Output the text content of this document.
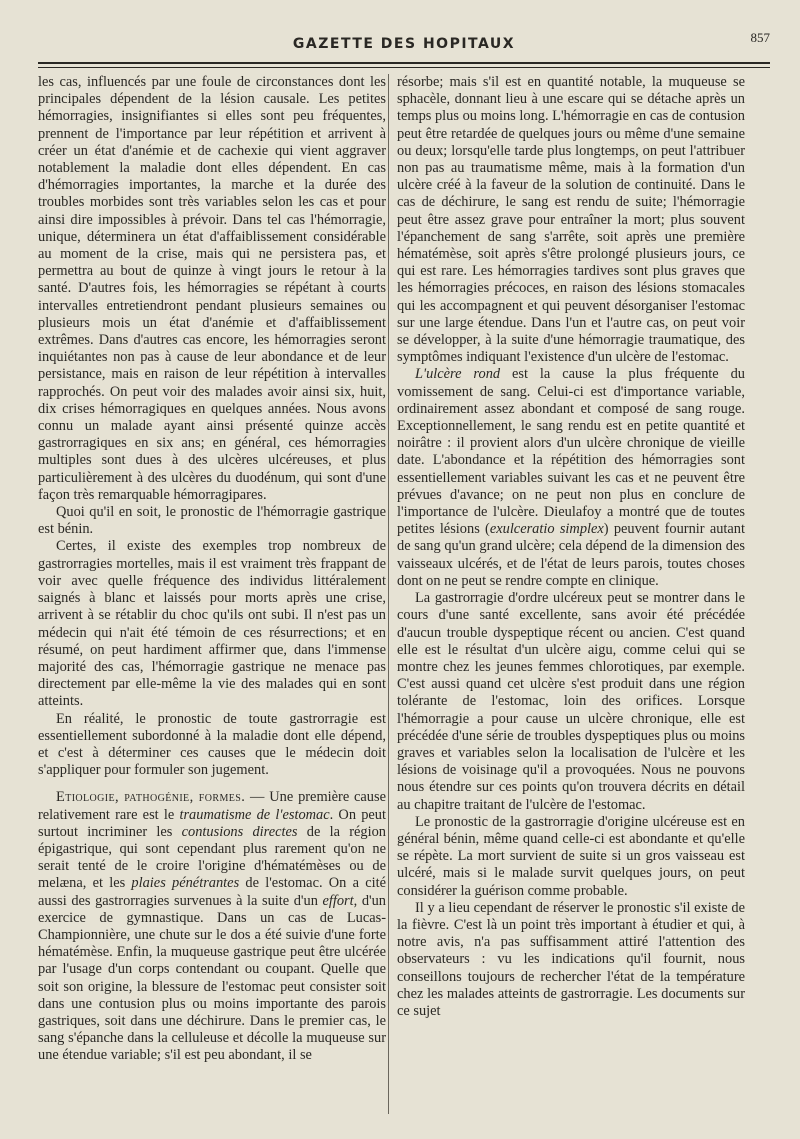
GAZETTE DES HOPITAUX	857

les cas, influencés par une foule de circonstances dont les principales dépendent de la lésion causale. Les petites hémorragies, insignifiantes si elles sont peu fréquentes, prennent de l'importance par leur répétition et arrivent à créer un état d'anémie et de cachexie qui vient aggraver notablement la maladie dont elles dépendent. En cas d'hémorragies importantes, la marche et la durée des troubles morbides sont très variables selon les cas et pour ainsi dire impossibles à prévoir. Dans tel cas l'hémorragie, unique, déterminera un état d'affaiblissement considérable au moment de la crise, mais qui ne persistera pas, et permettra au bout de quinze à vingt jours le retour à la santé. D'autres fois, les hémorragies se répétant à courts intervalles entretiendront pendant plusieurs semaines ou plusieurs mois un état d'anémie et d'affaiblissement extrêmes. Dans d'autres cas encore, les hémorragies seront inquiétantes non pas à cause de leur abondance et de leur persistance, mais en raison de leur répétition à intervalles rapprochés. On peut voir des malades avoir ainsi six, huit, dix crises hémorragiques en quelques années. Nous avons connu un malade ayant ainsi présenté quinze accès gastrorragiques en six ans; en général, ces hémorragies multiples sont dues à des ulcères ulcéreuses, et plus particulièrement à des ulcères du duodénum, qui sont d'une façon très remarquable hémorragipares.

Quoi qu'il en soit, le pronostic de l'hémorragie gastrique est bénin.

Certes, il existe des exemples trop nombreux de gastrorragies mortelles, mais il est vraiment très frappant de voir avec quelle fréquence des individus littéralement saignés à blanc et laissés pour morts après une crise, arrivent à se rétablir du choc qu'ils ont subi. Il n'est pas un médecin qui n'ait été témoin de ces résurrections; et en résumé, on peut hardiment affirmer que, dans l'immense majorité des cas, l'hémorragie gastrique ne menace pas directement par elle-même la vie des malades qui en sont atteints.

En réalité, le pronostic de toute gastrorragie est essentiellement subordonné à la maladie dont elle dépend, et c'est à déterminer ces causes que le médecin doit s'appliquer pour formuler son jugement.

Etiologie, pathogénie, formes. — Une première cause relativement rare est le traumatisme de l'estomac. On peut surtout incriminer les contusions directes de la région épigastrique, qui sont cependant plus rarement qu'on ne serait tenté de le croire l'origine d'hématémèses ou de melæna, et les plaies pénétrantes de l'estomac. On a cité aussi des gastrorragies survenues à la suite d'un effort, d'un exercice de gymnastique. Dans un cas de Lucas-Championnière, une chute sur le dos a été suivie d'une forte hématémèse. Enfin, la muqueuse gastrique peut être ulcérée par l'usage d'un corps contendant ou coupant. Quelle que soit son origine, la blessure de l'estomac peut consister soit dans une contusion plus ou moins importante des parois gastriques, soit dans une déchirure. Dans le premier cas, le sang s'épanche dans la celluleuse et décolle la muqueuse sur une étendue variable; s'il est peu abondant, il se

résorbe; mais s'il est en quantité notable, la muqueuse se sphacèle, donnant lieu à une escare qui se détache après un temps plus ou moins long. L'hémorragie en cas de contusion peut être retardée de quelques jours ou même d'une semaine ou deux; lorsqu'elle tarde plus longtemps, on peut l'attribuer non pas au traumatisme même, mais à la formation d'un ulcère créé à la faveur de la solution de continuité. Dans le cas de déchirure, le sang est rendu de suite; l'hémorragie peut être assez grave pour entraîner la mort; plus souvent l'épanchement de sang s'arrête, soit après une première hématémèse, soit après s'être prolongé plusieurs jours, ce qui est rare. Les hémorragies tardives sont plus graves que les hémorragies précoces, en raison des lésions stomacales qui les accompagnent et qui peuvent désorganiser l'estomac sur une large étendue. Dans l'un et l'autre cas, on peut voir se développer, à la suite d'une hémorragie traumatique, des symptômes indiquant l'existence d'un ulcère de l'estomac.

L'ulcère rond est la cause la plus fréquente du vomissement de sang. Celui-ci est d'importance variable, ordinairement assez abondant et composé de sang rouge. Exceptionnellement, le sang rendu est en petite quantité et noirâtre : il provient alors d'un ulcère chronique de vieille date. L'abondance et la répétition des hémorragies sont essentiellement variables suivant les cas et ne peuvent être prévues d'avance; on ne peut non plus en conclure de l'importance de l'ulcère. Dieulafoy a montré que de toutes petites lésions (exulceratio simplex) peuvent fournir autant de sang qu'un grand ulcère; cela dépend de la dimension des vaisseaux ulcérés, et de l'état de leurs parois, toutes choses dont on ne peut se rendre compte en clinique.

La gastrorragie d'ordre ulcéreux peut se montrer dans le cours d'une santé excellente, sans avoir été précédée d'aucun trouble dyspeptique récent ou ancien. C'est quand elle est le résultat d'un ulcère aigu, comme celui qui se montre chez les jeunes femmes chlorotiques, par exemple. C'est aussi quand cet ulcère s'est produit dans une région tolérante de l'estomac, loin des orifices. Lorsque l'hémorragie a pour cause un ulcère chronique, elle est précédée d'une série de troubles dyspeptiques plus ou moins graves et variables selon la localisation de l'ulcère et les lésions de voisinage qu'il a provoquées. Nous ne pouvons nous étendre sur ces points qu'on trouvera décrits en détail au chapitre traitant de l'ulcère de l'estomac.

Le pronostic de la gastrorragie d'origine ulcéreuse est en général bénin, même quand celle-ci est abondante et qu'elle se répète. La mort survient de suite si un gros vaisseau est ulcéré, mais si le malade survit quelques jours, on peut considérer la guérison comme probable.

Il y a lieu cependant de réserver le pronostic s'il existe de la fièvre. C'est là un point très important à étudier et qui, à notre avis, n'a pas suffisamment attiré l'attention des observateurs : vu les indications qu'il fournit, nous conseillons toujours de rechercher l'état de la température chez les malades atteints de gastrorragie. Les documents sur ce sujet
